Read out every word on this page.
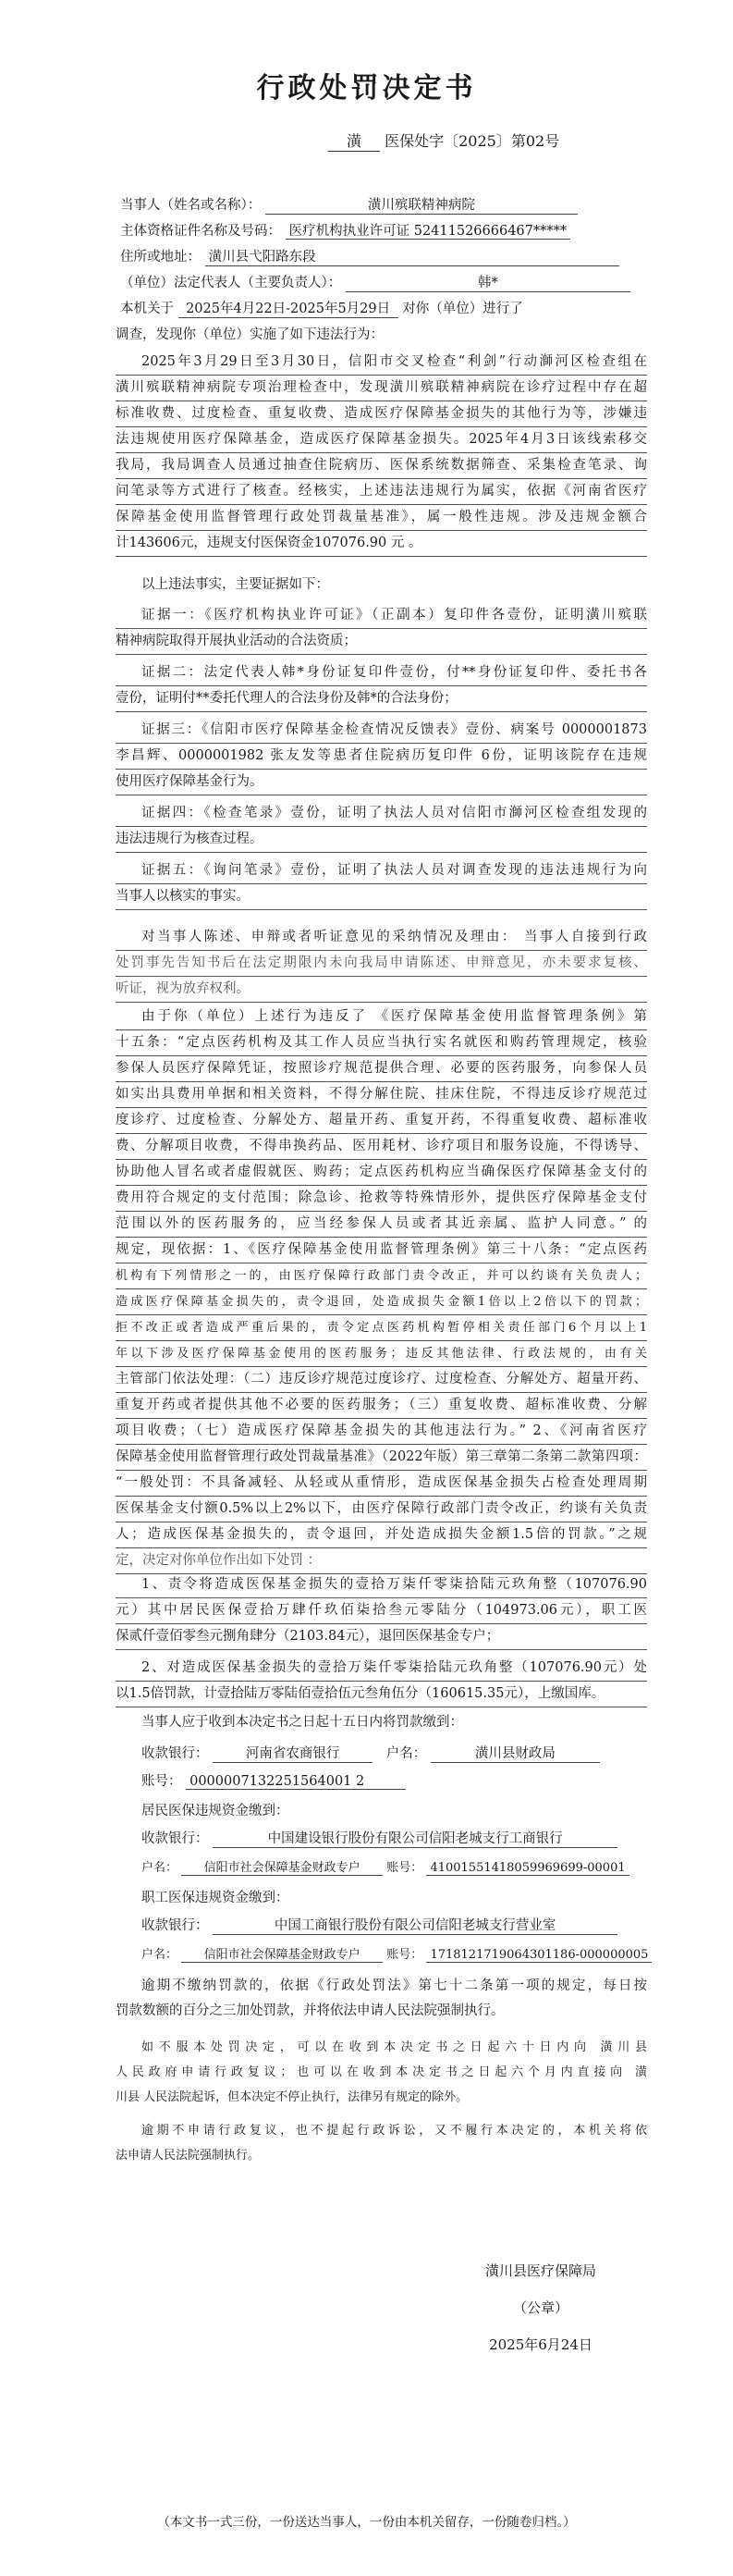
行政处罚决定书
潢 医保处字〔2025〕第02号
当事人（姓名或名称）：	潢川殡联精神病院
主体资格证件名称及号码： 医疗机构执业许可证 52411526666467*****
住所或地址： 潢川县弋阳路东段
（单位）法定代表人（主要负责人）：	韩*
本机关于 2025年4月22日-2025年5月29日 对你（单位）进行了
调查，发现你（单位）实施了如下违法行为：
2025年3月29日至3月30日，信阳市交叉检查“利剑”行动溮河区检查组在
潢川殡联精神病院专项治理检查中，发现潢川殡联精神病院在诊疗过程中存在超
标准收费、过度检查、重复收费、造成医疗保障基金损失的其他行为等，涉嫌违
法违规使用医疗保障基金，造成医疗保障基金损失。2025年4月3日该线索移交
我局，我局调查人员通过抽查住院病历、医保系统数据筛查、采集检查笔录、询
问笔录等方式进行了核查。经核实，上述违法违规行为属实，依据《河南省医疗
保障基金使用监督管理行政处罚裁量基准》，属一般性违规。涉及违规金额合
计143606元，违规支付医保资金107076.90 元 。
以上违法事实，主要证据如下：
证据一：《医疗机构执业许可证》（正副本）复印件各壹份，证明潢川殡联
精神病院取得开展执业活动的合法资质；
证据二：法定代表人韩*身份证复印件壹份，付**身份证复印件、委托书各
壹份，证明付**委托代理人的合法身份及韩*的合法身份；
证据三：《信阳市医疗保障基金检查情况反馈表》壹份、病案号 0000001873
李昌辉、0000001982 张友发等患者住院病历复印件 6份，证明该院存在违规
使用医疗保障基金行为。
证据四：《检查笔录》壹份，证明了执法人员对信阳市溮河区检查组发现的
违法违规行为核查过程。
证据五：《询问笔录》壹份，证明了执法人员对调查发现的违法违规行为向
当事人以核实的事实。
对当事人陈述、申辩或者听证意见的采纳情况及理由： 当事人自接到行政
处罚事先告知书后在法定期限内未向我局申请陈述、申辩意见，亦未要求复核、
听证，视为放弃权利。
由于你（单位）上述行为违反了 《医疗保障基金使用监督管理条例》第
十五条：“定点医药机构及其工作人员应当执行实名就医和购药管理规定，核验
参保人员医疗保障凭证，按照诊疗规范提供合理、必要的医药服务，向参保人员
如实出具费用单据和相关资料，不得分解住院、挂床住院，不得违反诊疗规范过
度诊疗、过度检查、分解处方、超量开药、重复开药，不得重复收费、超标准收
费、分解项目收费，不得串换药品、医用耗材、诊疗项目和服务设施，不得诱导、
协助他人冒名或者虚假就医、购药；定点医药机构应当确保医疗保障基金支付的
费用符合规定的支付范围；除急诊、抢救等特殊情形外，提供医疗保障基金支付
范围以外的医药服务的，应当经参保人员或者其近亲属、监护人同意。” 的
规定，现依据：1、《医疗保障基金使用监督管理条例》第三十八条：“定点医药
机构有下列情形之一的，由医疗保障行政部门责令改正，并可以约谈有关负责人；
造成医疗保障基金损失的，责令退回，处造成损失金额1倍以上2倍以下的罚款；
拒不改正或者造成严重后果的，责令定点医药机构暂停相关责任部门6个月以上1
年以下涉及医疗保障基金使用的医药服务；违反其他法律、行政法规的，由有关
主管部门依法处理：（二）违反诊疗规范过度诊疗、过度检查、分解处方、超量开药、
重复开药或者提供其他不必要的医药服务；（三）重复收费、超标准收费、分解
项目收费；（七）造成医疗保障基金损失的其他违法行为。” 2、《河南省医疗
保障基金使用监督管理行政处罚裁量基准》（2022年版）第三章第二条第二款第四项：
“一般处罚：不具备减轻、从轻或从重情形，造成医保基金损失占检查处理周期
医保基金支付额0.5%以上2%以下，由医疗保障行政部门责令改正，约谈有关负责
人；造成医保基金损失的，责令退回，并处造成损失金额1.5倍的罚款。”之规
定，决定对你单位作出如下处罚 ：
1、责令将造成医保基金损失的壹拾万柒仟零柒拾陆元玖角整（107076.90
元）其中居民医保壹拾万肆仟玖佰柒拾叁元零陆分（104973.06元），职工医
保贰仟壹佰零叁元捌角肆分（2103.84元），退回医保基金专户；
2、对造成医保基金损失的壹拾万柒仟零柒拾陆元玖角整（107076.90元）处
以1.5倍罚款，计壹拾陆万零陆佰壹拾伍元叁角伍分（160615.35元），上缴国库。
当事人应于收到本决定书之日起十五日内将罚款缴到：
收款银行：	河南省农商银行	户名：	潢川县财政局
账号： 0000007132251564001 2
居民医保违规资金缴到：
收款银行：	中国建设银行股份有限公司信阳老城支行工商银行
户名： 信阳市社会保障基金财政专户 账号： 41001551418059969699-00001
职工医保违规资金缴到：
收款银行：	中国工商银行股份有限公司信阳老城支行营业室
户名： 信阳市社会保障基金财政专户 账号： 1718121719064301186-000000005
逾期不缴纳罚款的，依据《行政处罚法》第七十二条第一项的规定，每日按
罚款数额的百分之三加处罚款，并将依法申请人民法院强制执行。
如不服本处罚决定，可以在收到本决定书之日起六十日内向 潢川县
人民政府申请行政复议；也可以在收到本决定书之日起六个月内直接向 潢
川县 人民法院起诉，但本决定不停止执行，法律另有规定的除外。
逾期不申请行政复议，也不提起行政诉讼，又不履行本决定的，本机关将依
法申请人民法院强制执行。
潢川县医疗保障局
（公章）
2025年6月24日
（本文书一式三份，一份送达当事人，一份由本机关留存，一份随卷归档。）
